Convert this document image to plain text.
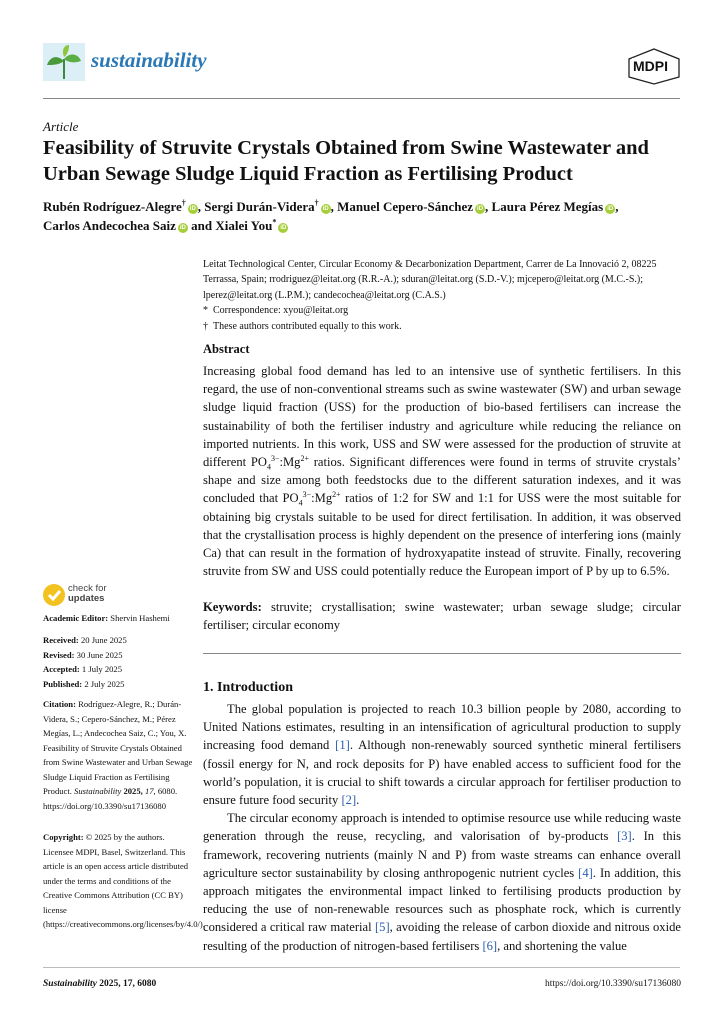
sustainability	MDPI
Article
Feasibility of Struvite Crystals Obtained from Swine Wastewater and Urban Sewage Sludge Liquid Fraction as Fertilising Product
Rubén Rodríguez-Alegre†iD , Sergi Durán-Videra†iD , Manuel Cepero-Sánchez iD , Laura Pérez Megías iD ,
Carlos Andecochea Saiz iD and Xialei You*iD
Leitat Technological Center, Circular Economy & Decarbonization Department, Carrer de La Innovació 2, 08225 Terrassa, Spain; rrodriguez@leitat.org (R.R.-A.); sduran@leitat.org (S.D.-V.); mjcepero@leitat.org (M.C.-S.); lperez@leitat.org (L.P.M.); candecochea@leitat.org (C.A.S.)
* Correspondence: xyou@leitat.org
† These authors contributed equally to this work.
Abstract

Increasing global food demand has led to an intensive use of synthetic fertilisers. In this regard, the use of non-conventional streams such as swine wastewater (SW) and urban sewage sludge liquid fraction (USS) for the production of bio-based fertilisers can increase the sustainability of both the fertiliser industry and agriculture while reducing the reliance on imported nutrients. In this work, USS and SW were assessed for the production of struvite at different $PO_4^{3-}:Mg^{2+}$ ratios. Significant differences were found in terms of struvite crystals’ shape and size among both feedstocks due to the different saturation indexes, and it was concluded that $PO_4^{3-}:Mg^{2+}$ ratios of 1:2 for SW and 1:1 for USS were the most suitable for obtaining big crystals suitable to be used for direct fertilisation. In addition, it was observed that the crystallisation process is highly dependent on the presence of interfering ions (mainly Ca) that can result in the formation of hydroxyapatite instead of struvite. Finally, recovering struvite from SW and USS could potentially reduce the European import of P by up to 6.5%.

Keywords: struvite; crystallisation; swine wastewater; urban sewage sludge; circular fertiliser; circular economy
1. Introduction

The global population is projected to reach 10.3 billion people by 2080, according to United Nations estimates, resulting in an intensification of agricultural production to supply increasing food demand [1]. Although non-renewably sourced synthetic mineral fertilisers (fossil energy for N, and rock deposits for P) have enabled access to sufficient food for the world’s population, it is crucial to shift towards a circular approach for fertiliser production to ensure future food security [2].

The circular economy approach is intended to optimise resource use while reducing waste generation through the reuse, recycling, and valorisation of by-products [3]. In this framework, recovering nutrients (mainly N and P) from waste streams can enhance overall agriculture sector sustainability by closing anthropogenic nutrient cycles [4]. In addition, this approach mitigates the environmental impact linked to fertilising products production by reducing the use of non-renewable resources such as phosphate rock, which is currently considered a critical raw material [5], avoiding the release of carbon dioxide and nitrous oxide resulting of the production of nitrogen-based fertilisers [6], and shortening the value

check for
updates
Academic Editor: Shervin Hashemi
Received: 20 June 2025
Revised: 30 June 2025
Accepted: 1 July 2025
Published: 2 July 2025
Citation: Rodríguez-Alegre, R.; Durán-Videra, S.; Cepero-Sánchez, M.; Pérez Megías, L.; Andecochea Saiz, C.; You, X. Feasibility of Struvite Crystals Obtained from Swine Wastewater and Urban Sewage Sludge Liquid Fraction as Fertilising Product. Sustainability 2025, 17, 6080. https://doi.org/10.3390/su17136080
Copyright: © 2025 by the authors. Licensee MDPI, Basel, Switzerland. This article is an open access article distributed under the terms and conditions of the Creative Commons Attribution (CC BY) license (https://creativecommons.org/licenses/by/4.0/).
Sustainability 2025, 17, 6080	https://doi.org/10.3390/su17136080
